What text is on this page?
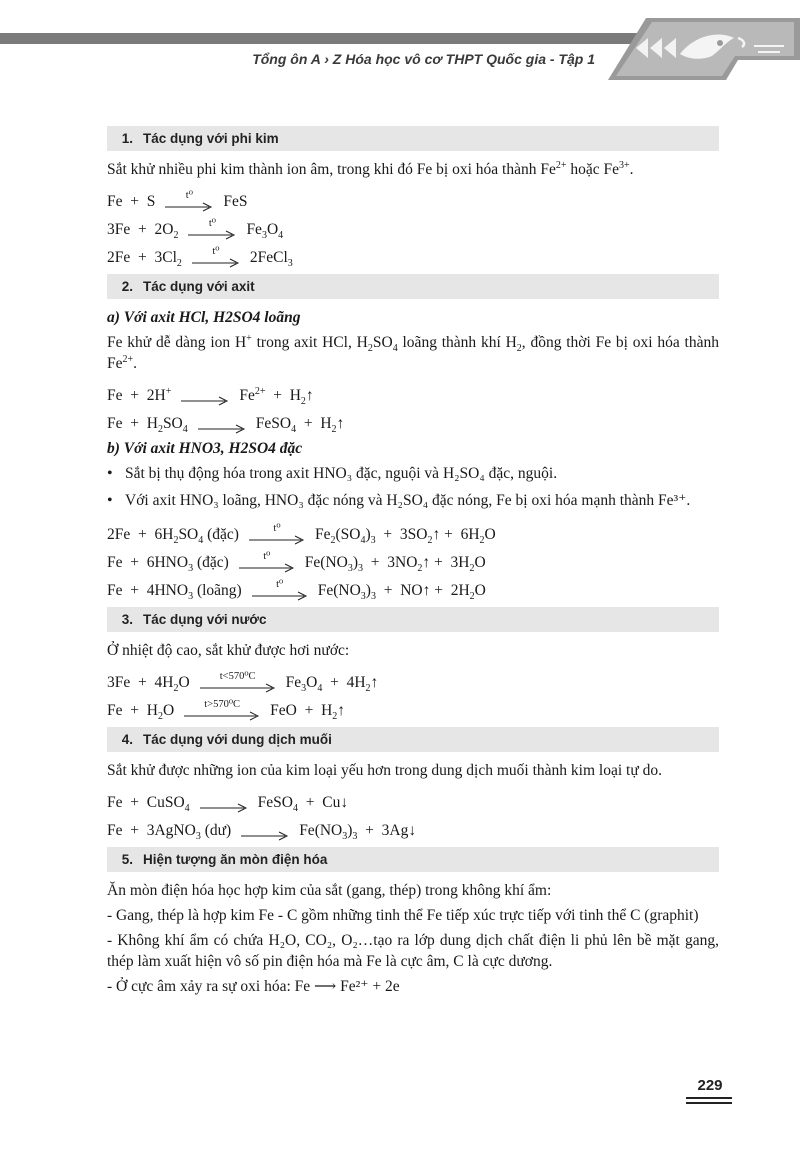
Tổng ôn A › Z Hóa học vô cơ THPT Quốc gia - Tập 1
1. Tác dụng với phi kim

Sắt khử nhiều phi kim thành ion âm, trong khi đó Fe bị oxi hóa thành $Fe^{2+}$ hoặc $Fe^{3+}$.

Fe  +  S	t⁰ FeS
$3Fe + 2O_2$
t⁰ $Fe_3O_4$
$2Fe + 3Cl_2$
t⁰ 2FeCl$_3$
2. Tác dụng với axit
a) Với axit HCl, H2SO4 loãng

Fe khử dễ dàng ion H+ trong axit HCl, $H_2SO_4$ loãng thành khí $H_2$, đồng thời Fe bị oxi hóa thành $Fe^{2+}$.

$Fe + 2H^+ \to Fe^{2+}$  +  $H_2↑$
$Fe + H_2SO_4$ → FeSO$_4$  +  $H_2↑$
b) Với axit HNO3, H2SO4 đặc
• Sắt bị thụ động hóa trong axit HNO₃ đặc, nguội và H₂SO₄ đặc, nguội.
• Với axit HNO₃ loãng, HNO₃ đặc nóng và H₂SO₄ đặc nóng, Fe bị oxi hóa mạnh thành Fe³⁺.
$2Fe + 6H_2SO_4$ (đặc)	t⁰ $Fe_2(SO_4)_3$  +  $3SO_2↑ + 6H_2O$
$Fe + 6HNO_3$ (đặc)	t⁰ $Fe(NO_3)_3$  +  $3NO_2↑ + 3H_2O$
$Fe + 4HNO_3$ (loãng)	t⁰ $Fe(NO_3)_3$  +  NO↑ +  $2H_2O$
3. Tác dụng với nước

Ở nhiệt độ cao, sắt khử được hơi nước:

$3Fe + 4H_2O$	t<570⁰C $Fe_3O_4$  +  $4H_2↑$
$Fe + H_2O$	t>570⁰C FeO  +  $H_2↑$
4. Tác dụng với dung dịch muối

Sắt khử được những ion của kim loại yếu hơn trong dung dịch muối thành kim loại tự do.

Fe  +  CuSO$_4$ → FeSO$_4$  +  Cu↓
Fe  +  3AgNO$_3$ (dư) → $Fe(NO_3)_3$  +  3Ag↓
5. Hiện tượng ăn mòn điện hóa

Ăn mòn điện hóa học hợp kim của sắt (gang, thép) trong không khí ẩm:

- Gang, thép là hợp kim Fe - C gồm những tinh thể Fe tiếp xúc trực tiếp với tinh thể C (graphit)

- Không khí ẩm có chứa H₂O, CO₂, O₂…tạo ra lớp dung dịch chất điện li phủ lên bề mặt gang, thép làm xuất hiện vô số pin điện hóa mà Fe là cực âm, C là cực dương.

- Ở cực âm xảy ra sự oxi hóa: Fe ⟶ Fe²⁺ + 2e

229
